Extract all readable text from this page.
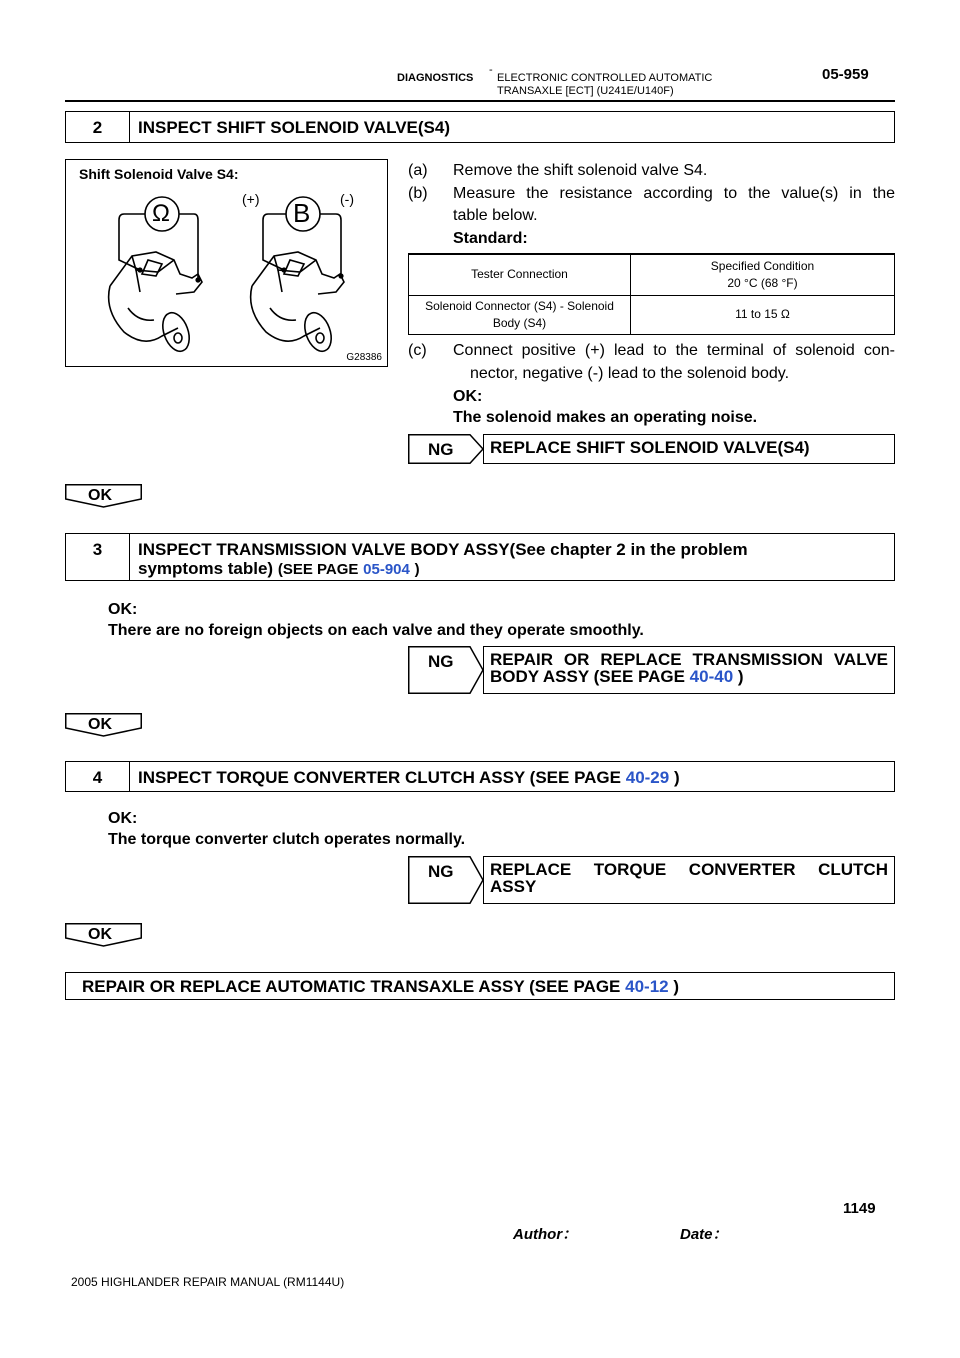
-
DIAGNOSTICS ELECTRONIC CONTROLLED AUTOMATIC
TRANSAXLE [ECT] (U241E/U140F)
05-959
2	INSPECT SHIFT SOLENOID VALVE(S4)
Shift Solenoid Valve S4:
Ω	B
(+)	(-)
G28386
(a) Remove the shift solenoid valve S4.
(b) Measure the resistance according to the value(s) in the
table below.
Standard:
Tester Connection	Specified Condition
20 °C (68 °F)

Solenoid Connector (S4) - Solenoid
Body (S4)	11 to 15 Ω
(c) Connect positive (+) lead to the terminal of solenoid con-
nector, negative (-) lead to the solenoid body.
OK:
The solenoid makes an operating noise.
NG	REPLACE SHIFT SOLENOID VALVE(S4)
OK
3	INSPECT TRANSMISSION VALVE BODY ASSY(See chapter 2 in the problem
symptoms table) (SEE PAGE 05-904 )
OK:
There are no foreign objects on each valve and they operate smoothly.
NG REPAIR OR REPLACE TRANSMISSION VALVE
BODY ASSY (SEE PAGE 40-40 )
OK
4	INSPECT TORQUE CONVERTER CLUTCH ASSY (SEE PAGE 40-29 )
OK:
The torque converter clutch operates normally.
NG REPLACE TORQUE CONVERTER CLUTCH
ASSY
OK
REPAIR OR REPLACE AUTOMATIC TRANSAXLE ASSY (SEE PAGE 40-12 )
1149
Author：	Date：
2005 HIGHLANDER REPAIR MANUAL (RM1144U)
